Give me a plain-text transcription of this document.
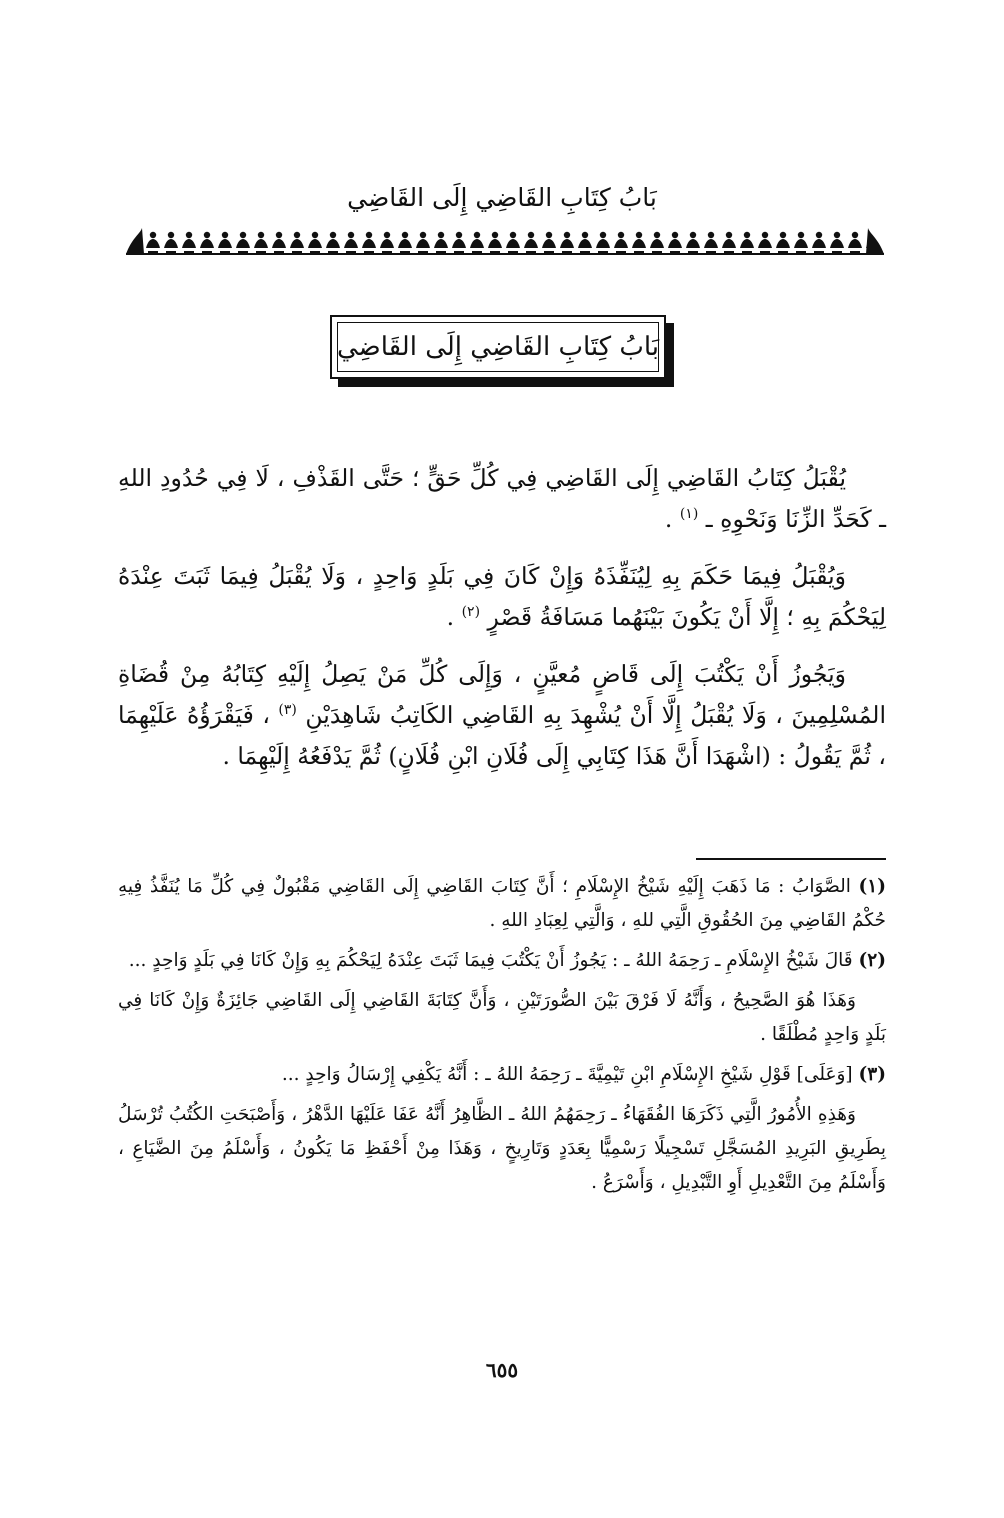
بَابُ كِتَابِ القَاضِي إِلَى القَاضِي
بَابُ كِتَابِ القَاضِي إِلَى القَاضِي

يُقْبَلُ كِتَابُ القَاضِي إِلَى القَاضِي فِي كُلِّ حَقٍّ ؛ حَتَّى القَذْفِ ، لَا فِي حُدُودِ اللهِ ـ كَحَدِّ الزِّنَا وَنَحْوِهِ ـ $^{(١)}$ .

وَيُقْبَلُ فِيمَا حَكَمَ بِهِ لِيُنَفِّذَهُ وَإِنْ كَانَ فِي بَلَدٍ وَاحِدٍ ، وَلَا يُقْبَلُ فِيمَا ثَبَتَ عِنْدَهُ لِيَحْكُمَ بِهِ ؛ إِلَّا أَنْ يَكُونَ بَيْنَهُما مَسَافَةُ قَصْرٍ $^{(٢)}$ .

وَيَجُوزُ أَنْ يَكْتُبَ إِلَى قَاضٍ مُعيَّنٍ ، وَإِلَى كُلِّ مَنْ يَصِلُ إِلَيْهِ كِتَابُهُ مِنْ قُضَاةِ المُسْلِمِينَ ، وَلَا يُقْبَلُ إِلَّا أَنْ يُشْهِدَ بِهِ القَاضِي الكَاتِبُ شَاهِدَيْنِ $^{(٣)}$ ، فَيَقْرَؤُهُ عَلَيْهِمَا ، ثُمَّ يَقُولُ : (اشْهَدَا أَنَّ هَذَا كِتَابِي إِلَى فُلَانِ ابْنِ فُلَانٍ) ثُمَّ يَدْفَعُهُ إِلَيْهِمَا .

(١) الصَّوَابُ : مَا ذَهَبَ إِلَيْهِ شَيْخُ الإِسْلَامِ ؛ أَنَّ كِتَابَ القَاضِي إِلَى القَاضِي مَقْبُولٌ فِي كُلِّ مَا يُنَفَّذُ فِيهِ حُكْمُ القَاضِي مِنَ الحُقُوقِ الَّتِي للهِ ، وَالَّتِي لِعِبَادِ اللهِ .

(٢) قَالَ شَيْخُ الإِسْلَامِ ـ رَحِمَهُ اللهُ ـ : يَجُوزُ أَنْ يَكْتُبَ فِيمَا ثَبَتَ عِنْدَهُ لِيَحْكُمَ بِهِ وَإِنْ كَانَا فِي بَلَدٍ وَاحِدٍ ...

وَهَذَا هُوَ الصَّحِيحُ ، وَأَنَّهُ لَا فَرْقَ بَيْنَ الصُّورَتَيْنِ ، وَأَنَّ كِتَابَةَ القَاضِي إِلَى القَاضِي جَائِزَةٌ وَإِنْ كَانَا فِي بَلَدٍ وَاحِدٍ مُطْلَقًا .

(٣) [وَعَلَى] قَوْلِ شَيْخِ الإِسْلَامِ ابْنِ تَيْمِيَّةَ ـ رَحِمَهُ اللهُ ـ : أَنَّهُ يَكْفِي إِرْسَالُ وَاحِدٍ ...

وَهَذِهِ الأُمُورُ الَّتِي ذَكَرَهَا الفُقَهَاءُ ـ رَحِمَهُمُ اللهُ ـ الظَّاهِرُ أَنَّهُ عَفَا عَلَيْهَا الدَّهْرُ ، وَأَصْبَحَتِ الكُتُبُ تُرْسَلُ بِطَرِيقِ البَرِيدِ المُسَجَّلِ تَسْجِيلًا رَسْمِيًّا بِعَدَدٍ وَتَارِيخٍ ، وَهَذَا مِنْ أَحْفَظِ مَا يَكُونُ ، وَأَسْلَمُ مِنَ الضَّيَاعِ ، وَأَسْلَمُ مِنَ التَّعْدِيلِ أَوِ التَّبْدِيلِ ، وَأَسْرَعُ .

٦٥٥
